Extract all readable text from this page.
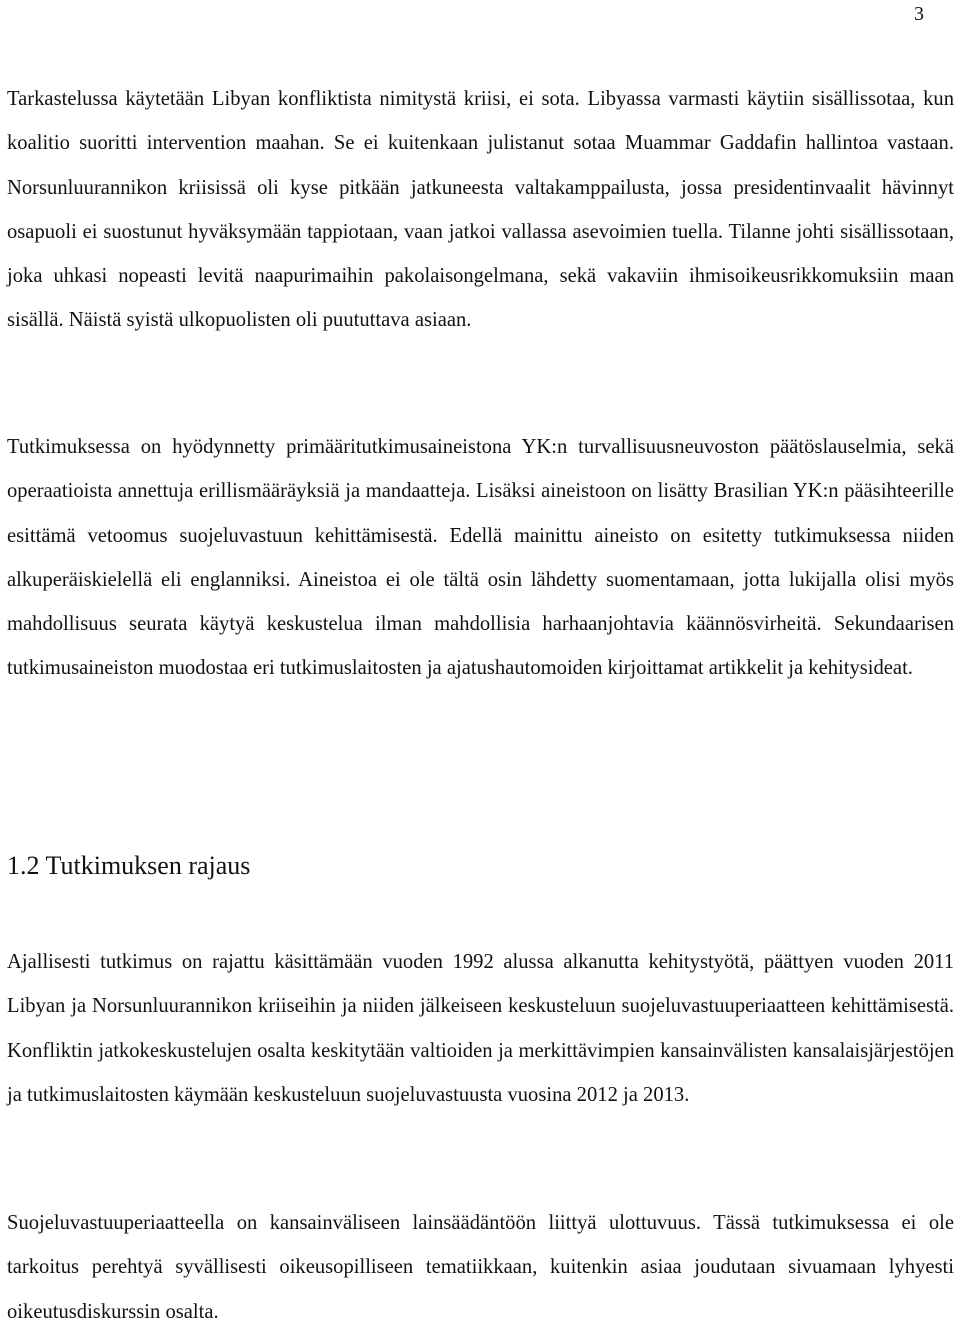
3

Tarkastelussa käytetään Libyan konfliktista nimitystä kriisi, ei sota. Libyassa varmasti käytiin sisällissotaa, kun koalitio suoritti intervention maahan. Se ei kuitenkaan julistanut sotaa Muammar Gaddafin hallintoa vastaan. Norsunluurannikon kriisissä oli kyse pitkään jatkuneesta valtakamppailusta, jossa presidentinvaalit hävinnyt osapuoli ei suostunut hyväksymään tappiotaan, vaan jatkoi vallassa asevoimien tuella. Tilanne johti sisällissotaan, joka uhkasi nopeasti levitä naapurimaihin pakolaisongelmana, sekä vakaviin ihmisoikeusrikkomuksiin maan sisällä. Näistä syistä ulkopuolisten oli puututtava asiaan.

Tutkimuksessa on hyödynnetty primääritutkimusaineistona YK:n turvallisuusneuvoston päätöslauselmia, sekä operaatioista annettuja erillismääräyksiä ja mandaatteja. Lisäksi aineistoon on lisätty Brasilian YK:n pääsihteerille esittämä vetoomus suojeluvastuun kehittämisestä. Edellä mainittu aineisto on esitetty tutkimuksessa niiden alkuperäiskielellä eli englanniksi. Aineistoa ei ole tältä osin lähdetty suomentamaan, jotta lukijalla olisi myös mahdollisuus seurata käytyä keskustelua ilman mahdollisia harhaanjohtavia käännösvirheitä. Sekundaarisen tutkimusaineiston muodostaa eri tutkimuslaitosten ja ajatushautomoiden kirjoittamat artikkelit ja kehitysideat.

1.2 Tutkimuksen rajaus

Ajallisesti tutkimus on rajattu käsittämään vuoden 1992 alussa alkanutta kehitystyötä, päättyen vuoden 2011 Libyan ja Norsunluurannikon kriiseihin ja niiden jälkeiseen keskusteluun suojeluvastuuperiaatteen kehittämisestä. Konfliktin jatkokeskustelujen osalta keskitytään valtioiden ja merkittävimpien kansainvälisten kansalaisjärjestöjen ja tutkimuslaitosten käymään keskusteluun suojeluvastuusta vuosina 2012 ja 2013.

Suojeluvastuuperiaatteella on kansainväliseen lainsäädäntöön liittyä ulottuvuus. Tässä tutkimuksessa ei ole tarkoitus perehtyä syvällisesti oikeusopilliseen tematiikkaan, kuitenkin asiaa joudutaan sivuamaan lyhyesti oikeutusdiskurssin osalta.
